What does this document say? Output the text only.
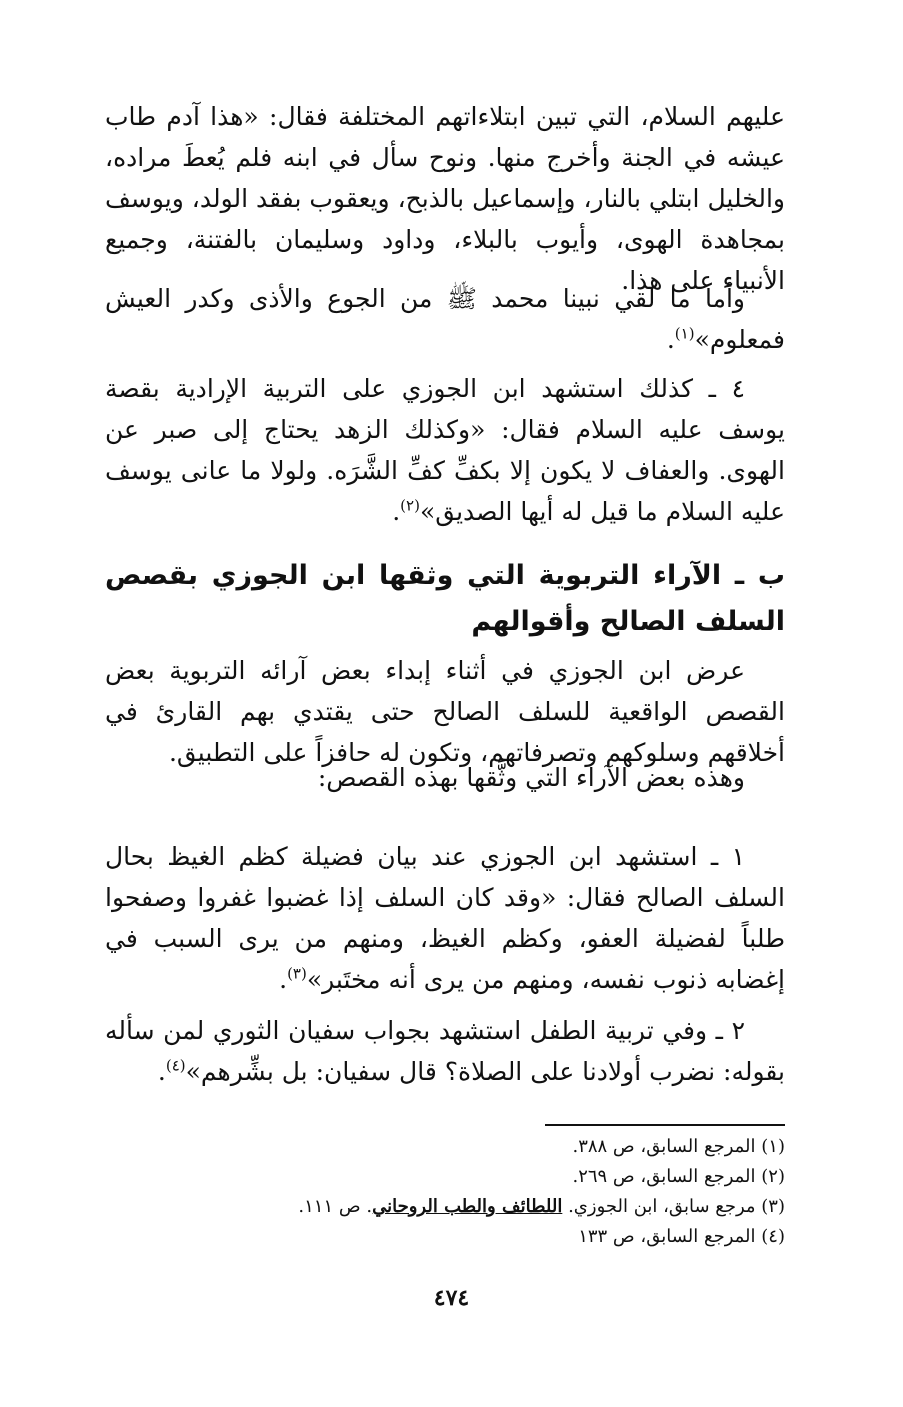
عليهم السلام، التي تبين ابتلاءاتهم المختلفة فقال: «هذا آدم طاب عيشه في الجنة وأخرج منها. ونوح سأل في ابنه فلم يُعطَ مراده، والخليل ابتلي بالنار، وإسماعيل بالذبح، ويعقوب بفقد الولد، ويوسف بمجاهدة الهوى، وأيوب بالبلاء، وداود وسليمان بالفتنة، وجميع الأنبياء على هذا.

وأما ما لقي نبينا محمد ﷺ من الجوع والأذى وكدر العيش فمعلوم»$^{(١)}$.

٤ ـ كذلك استشهد ابن الجوزي على التربية الإرادية بقصة يوسف عليه السلام فقال: «وكذلك الزهد يحتاج إلى صبر عن الهوى. والعفاف لا يكون إلا بكفِّ كفِّ الشَّرَه. ولولا ما عانى يوسف عليه السلام ما قيل له أيها الصديق»$^{(٢)}$.

ب ـ الآراء التربوية التي وثقها ابن الجوزي بقصص السلف الصالح وأقوالهم

عرض ابن الجوزي في أثناء إبداء بعض آرائه التربوية بعض القصص الواقعية للسلف الصالح حتى يقتدي بهم القارئ في أخلاقهم وسلوكهم وتصرفاتهم، وتكون له حافزاً على التطبيق.

وهذه بعض الآراء التي وثَّقها بهذه القصص:

١ ـ استشهد ابن الجوزي عند بيان فضيلة كظم الغيظ بحال السلف الصالح فقال: «وقد كان السلف إذا غضبوا غفروا وصفحوا طلباً لفضيلة العفو، وكظم الغيظ، ومنهم من يرى السبب في إغضابه ذنوب نفسه، ومنهم من يرى أنه مختَبر»$^{(٣)}$.

٢ ـ وفي تربية الطفل استشهد بجواب سفيان الثوري لمن سأله بقوله: نضرب أولادنا على الصلاة؟ قال سفيان: بل بشِّرهم»$^{(٤)}$.

(١) المرجع السابق، ص ٣٨٨.

(٢) المرجع السابق، ص ٢٦٩.

(٣) مرجع سابق، ابن الجوزي. اللطائف والطب الروحاني. ص ١١١.

(٤) المرجع السابق، ص ١٣٣

٤٧٤
